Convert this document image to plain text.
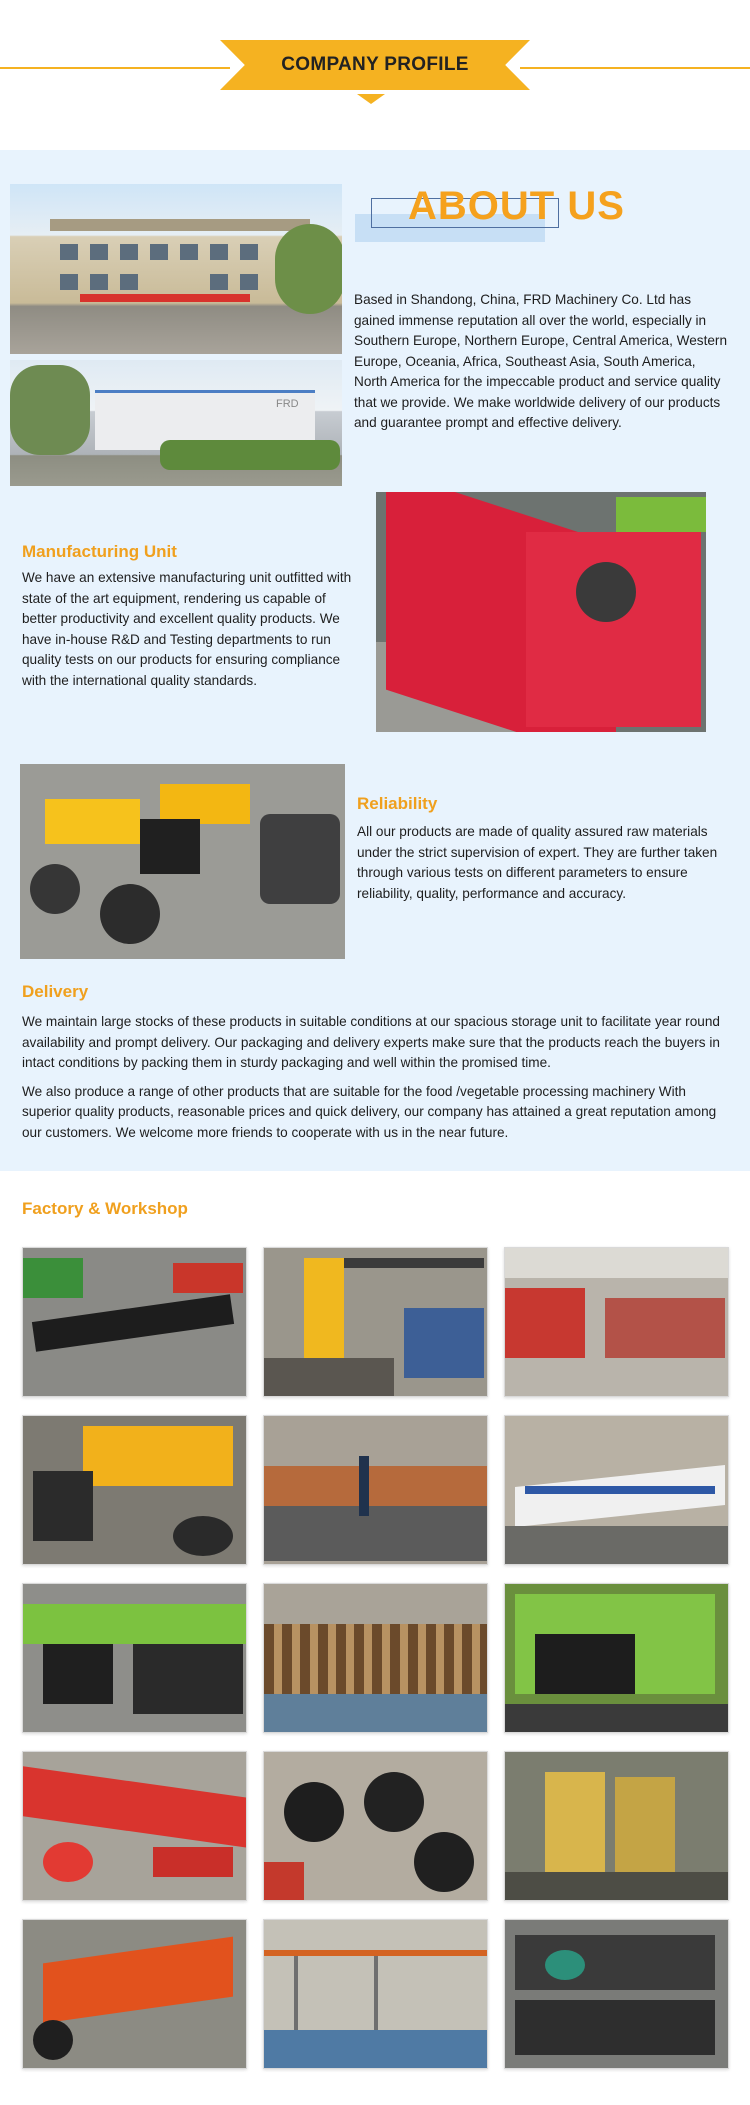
COMPANY PROFILE
FRD
ABOUT US
Based in Shandong, China, FRD Machinery Co. Ltd has gained immense reputation all over the world, especially in Southern Europe, Northern Europe, Central America, Western Europe, Oceania, Africa, Southeast Asia, South America, North America for the impeccable product and service quality that we provide. We make worldwide delivery of our products and guarantee prompt and effective delivery.
Manufacturing Unit
We have an extensive manufacturing unit outfitted with state of the art equipment, rendering us capable of better productivity and excellent quality products. We have in-house R&D and Testing departments to run quality tests on our products for ensuring compliance with the international quality standards.
Reliability
All our products are made of quality assured raw materials under the strict supervision of expert. They are further taken through various tests on different parameters to ensure reliability, quality, performance and accuracy.
Delivery
We maintain large stocks of these products in suitable conditions at our spacious storage unit to facilitate year round availability and prompt delivery. Our packaging and delivery experts make sure that the products reach the buyers in intact conditions by packing them in sturdy packaging and well within the promised time.
We also produce a range of other products that are suitable for the food /vegetable processing machinery With superior quality products, reasonable prices and quick delivery, our company has attained a great reputation among our customers. We welcome more friends to cooperate with us in the near future.
Factory & Workshop
